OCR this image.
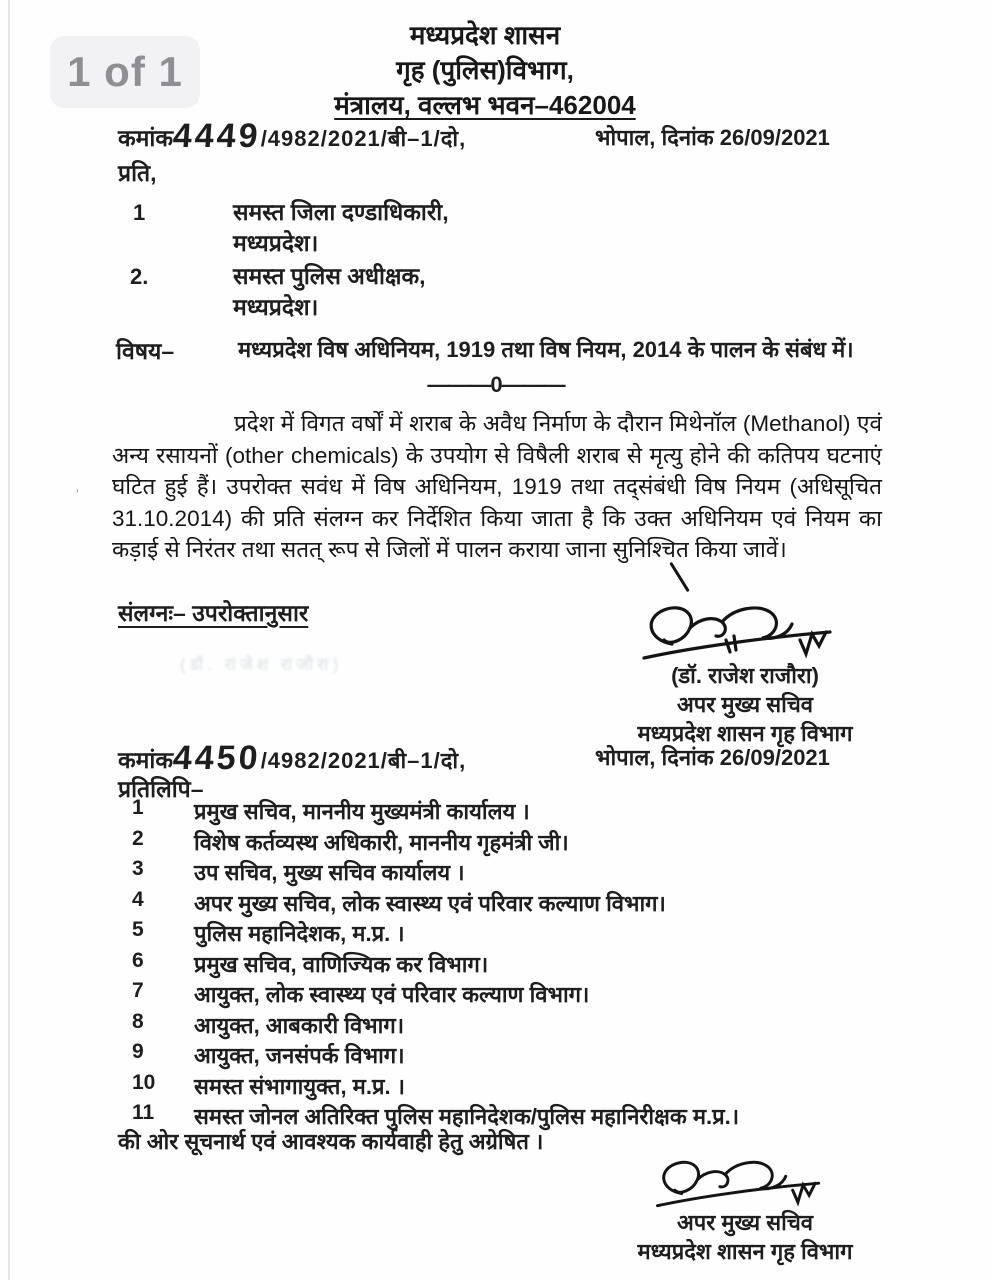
1 of 1
मध्यप्रदेश शासन
गृह (पुलिस)विभाग,
मंत्रालय, वल्लभ भवन–462004
कमांक4449/4982/2021/बी–1/दो,	भोपाल, दिनांक 26/09/2021
प्रति,
1	समस्त जिला दण्डाधिकारी,
मध्यप्रदेश।
2.	समस्त पुलिस अधीक्षक,
मध्यप्रदेश।
विषय–	मध्यप्रदेश विष अधिनियम, 1919 तथा विष नियम, 2014 के पालन के संबंध में।
———0———
प्रदेश में विगत वर्षों में शराब के अवैध निर्माण के दौरान मिथेनॉल (Methanol) एवं अन्य रसायनों (other chemicals) के उपयोग से विषैली शराब से मृत्यु होने की कतिपय घटनाएं घटित हुई हैं। उपरोक्त सवंध में विष अधिनियम, 1919 तथा तद्संबंधी विष नियम (अधिसूचित 31.10.2014) की प्रति संलग्न कर निर्देशित किया जाता है कि उक्त अधिनियम एवं नियम का कड़ाई से निरंतर तथा सतत् रूप से जिलों में पालन कराया जाना सुनिश्चित किया जावें।
'
संलग्नः– उपरोक्तानुसार
(डॉ. राजेश राजौरा)	(डॉ. राजेश राजौरा)
अपर मुख्य सचिव
मध्यप्रदेश शासन गृह विभाग
कमांक4450/4982/2021/बी–1/दो,	भोपाल, दिनांक 26/09/2021
प्रतिलिपि–
1	प्रमुख सचिव, माननीय मुख्यमंत्री कार्यालय ।
2	विशेष कर्तव्यस्थ अधिकारी, माननीय गृहमंत्री जी।
3	उप सचिव, मुख्य सचिव कार्यालय ।
4	अपर मुख्य सचिव, लोक स्वास्थ्य एवं परिवार कल्याण विभाग।
5	पुलिस महानिदेशक, म.प्र. ।
6	प्रमुख सचिव, वाणिज्यिक कर विभाग।
7	आयुक्त, लोक स्वास्थ्य एवं परिवार कल्याण विभाग।
8	आयुक्त, आबकारी विभाग।
9	आयुक्त, जनसंपर्क विभाग।
10	समस्त संभागायुक्त, म.प्र. ।
11	समस्त जोनल अतिरिक्त पुलिस महानिदेशक/पुलिस महानिरीक्षक म.प्र.।
की ओर सूचनार्थ एवं आवश्यक कार्यवाही हेतु अग्रेषित ।
अपर मुख्य सचिव
मध्यप्रदेश शासन गृह विभाग
